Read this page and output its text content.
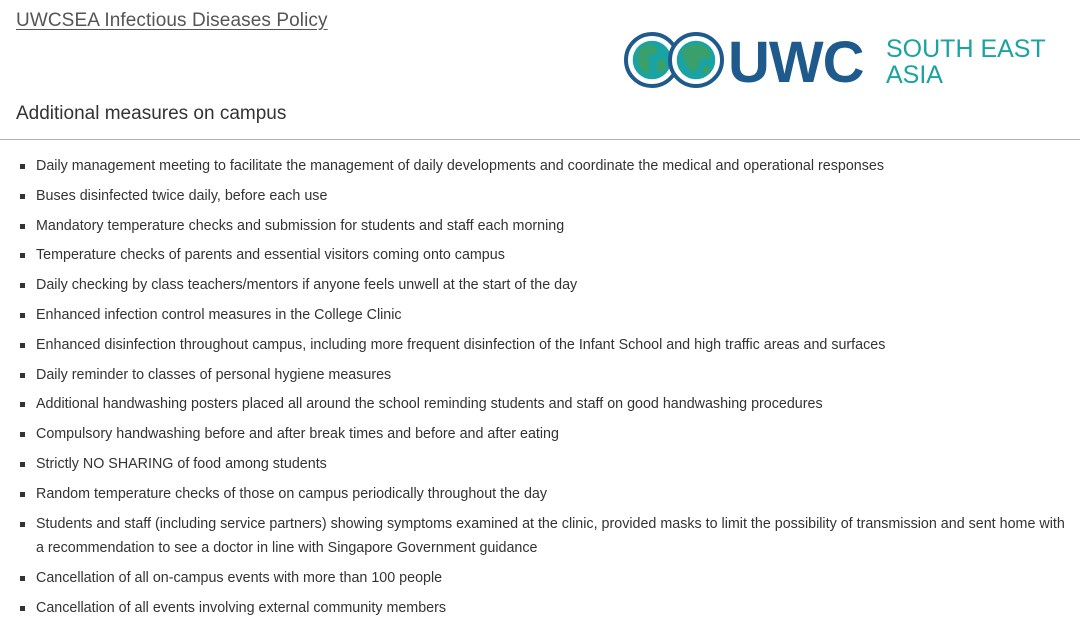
UWCSEA Infectious Diseases Policy
UWC SOUTH EAST
ASIA
Additional measures on campus
Daily management meeting to facilitate the management of daily developments and coordinate the medical and operational responses
Buses disinfected twice daily, before each use
Mandatory temperature checks and submission for students and staff each morning
Temperature checks of parents and essential visitors coming onto campus
Daily checking by class teachers/mentors if anyone feels unwell at the start of the day
Enhanced infection control measures in the College Clinic
Enhanced disinfection throughout campus, including more frequent disinfection of the Infant School and high traffic areas and surfaces
Daily reminder to classes of personal hygiene measures
Additional handwashing posters placed all around the school reminding students and staff on good handwashing procedures
Compulsory handwashing before and after break times and before and after eating
Strictly NO SHARING of food among students
Random temperature checks of those on campus periodically throughout the day
Students and staff (including service partners) showing symptoms examined at the clinic, provided masks to limit the possibility of transmission and sent home with a recommendation to see a doctor in line with Singapore Government guidance
Cancellation of all on-campus events with more than 100 people
Cancellation of all events involving external community members
